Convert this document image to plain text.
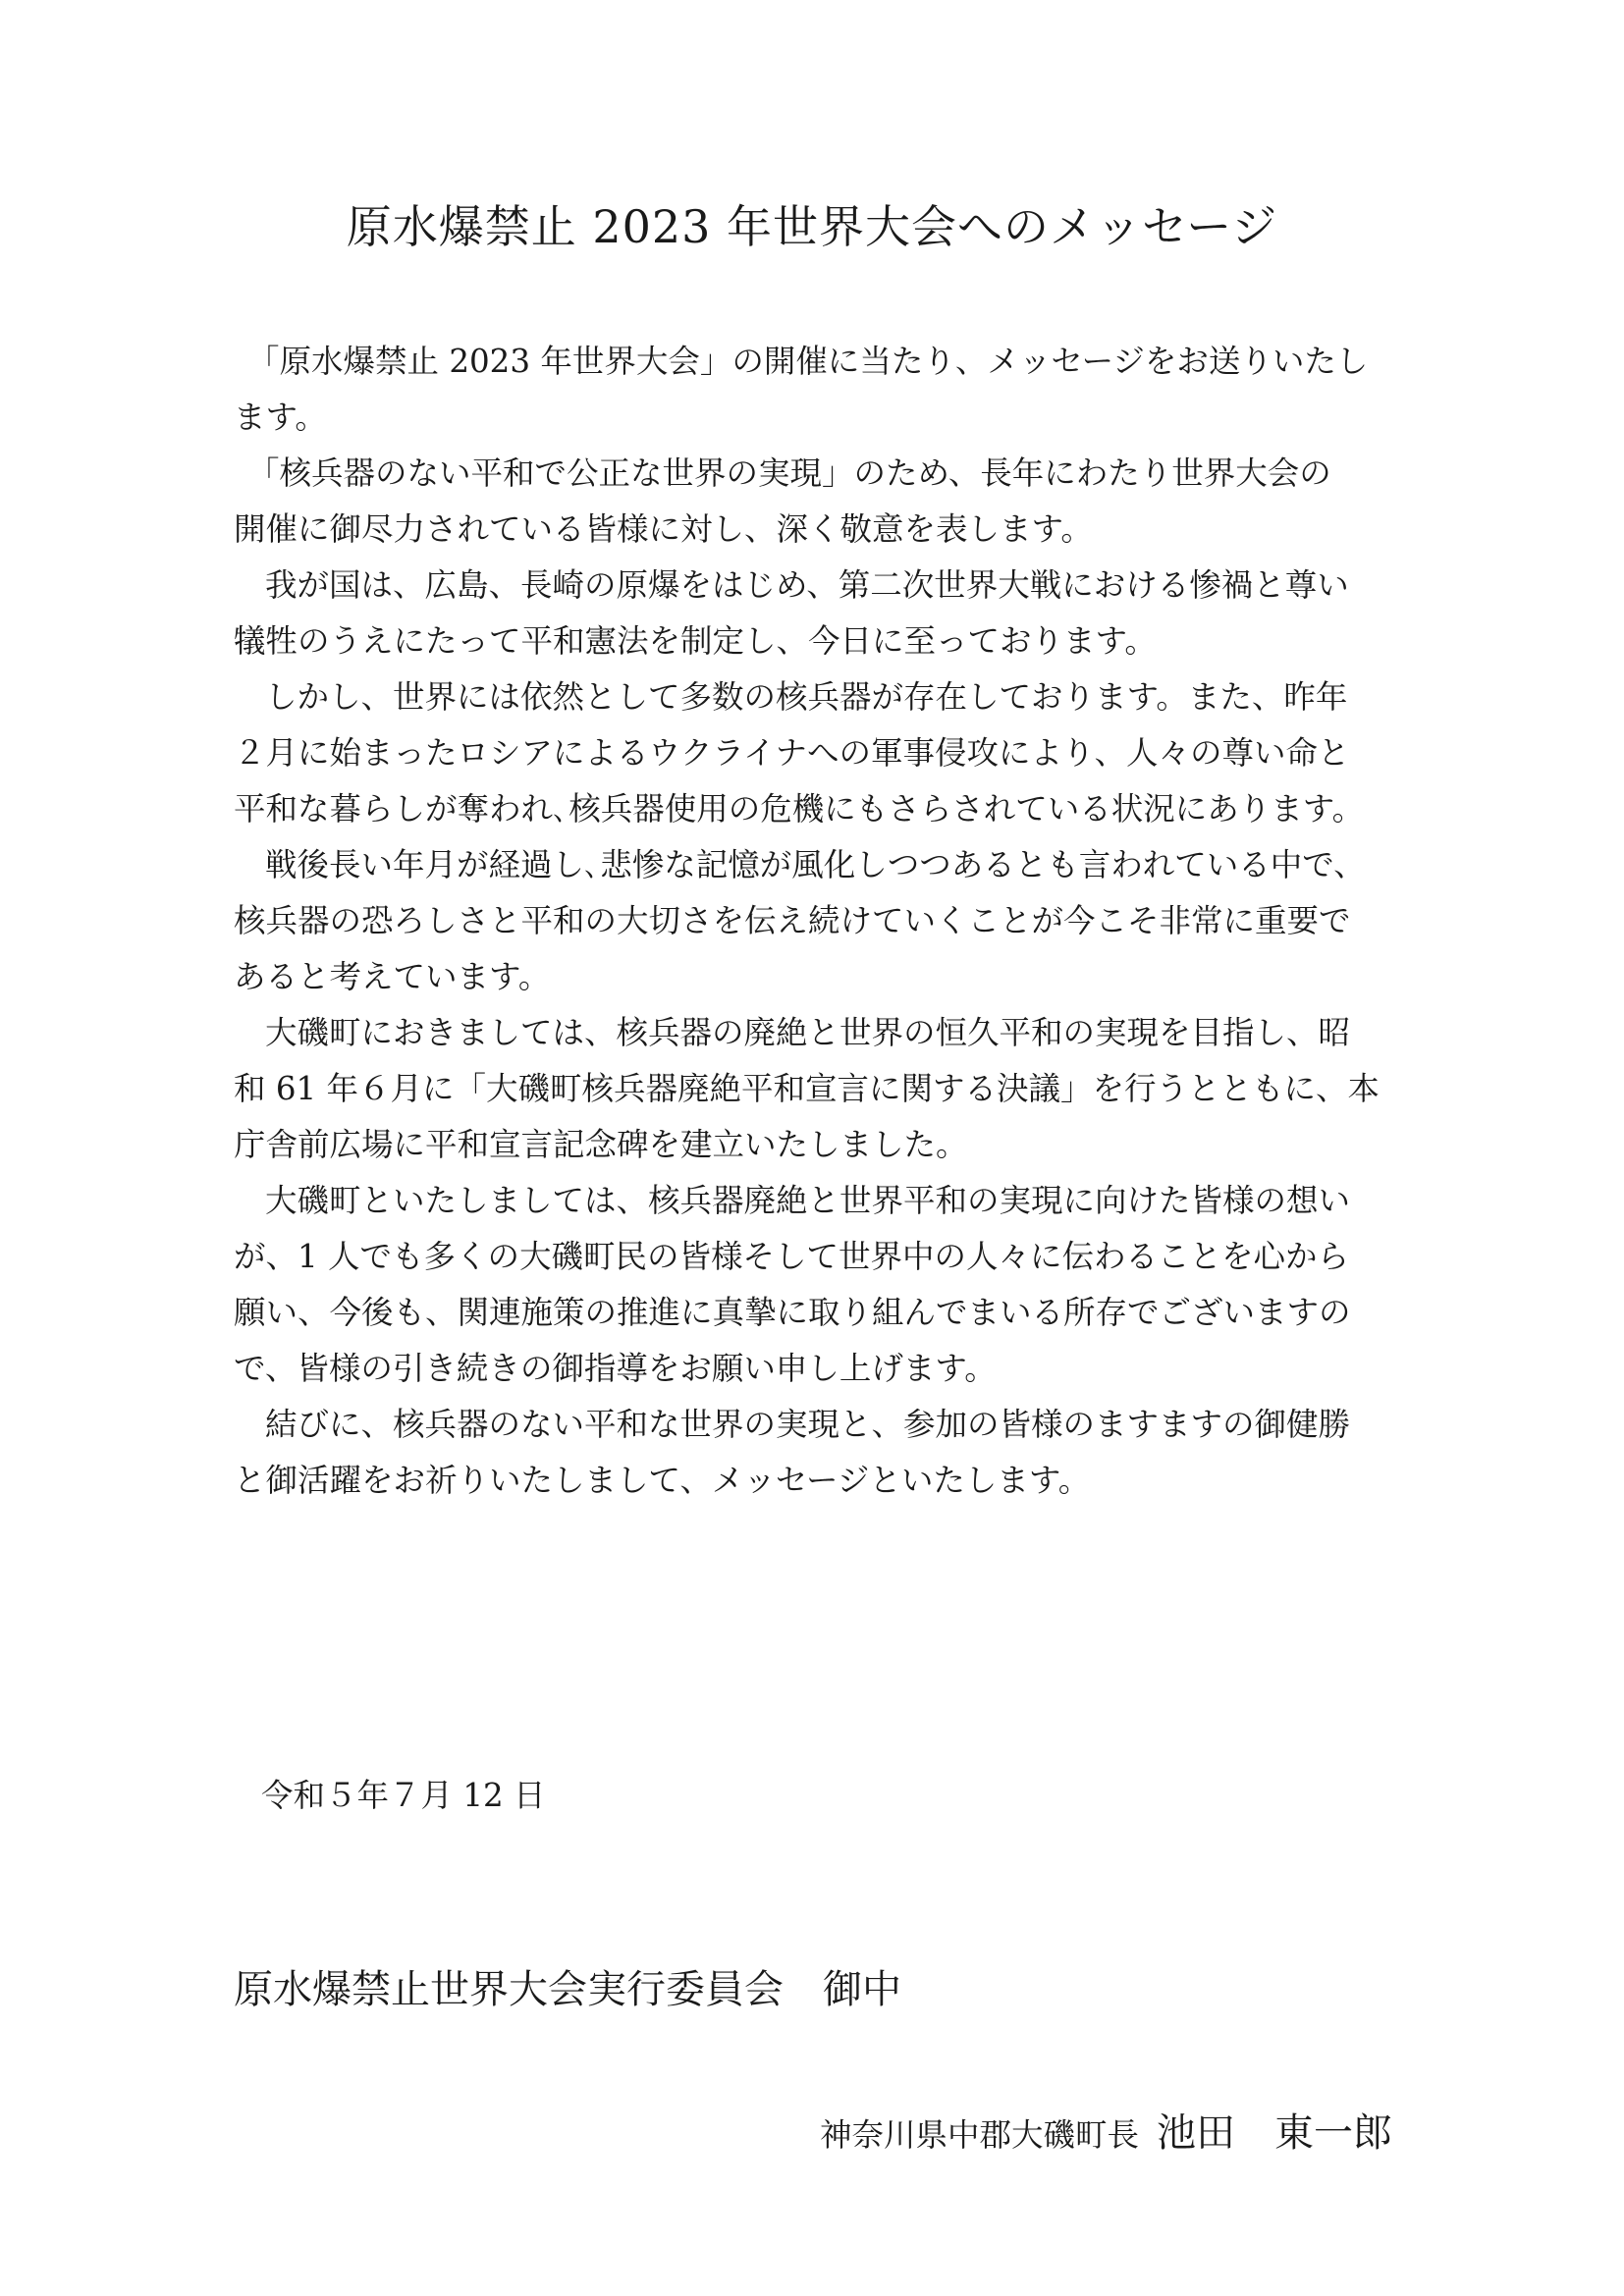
原水爆禁止 2023 年世界大会へのメッセージ

「原水爆禁止 2023 年世界大会」の開催に当たり、メッセージをお送りいたし
ます。

「核兵器のない平和で公正な世界の実現」のため、長年にわたり世界大会の
開催に御尽力されている皆様に対し、深く敬意を表します。

我が国は、広島、長崎の原爆をはじめ、第二次世界大戦における惨禍と尊い
犠牲のうえにたって平和憲法を制定し、今日に至っております。

しかし、世界には依然として多数の核兵器が存在しております。また、昨年
２月に始まったロシアによるウクライナへの軍事侵攻により、人々の尊い命と
平和な暮らしが奪われ､核兵器使用の危機にもさらされている状況にあります。

戦後長い年月が経過し､悲惨な記憶が風化しつつあるとも言われている中で、
核兵器の恐ろしさと平和の大切さを伝え続けていくことが今こそ非常に重要で
あると考えています。

大磯町におきましては、核兵器の廃絶と世界の恒久平和の実現を目指し、昭
和 61 年６月に「大磯町核兵器廃絶平和宣言に関する決議」を行うとともに、本
庁舎前広場に平和宣言記念碑を建立いたしました。

大磯町といたしましては、核兵器廃絶と世界平和の実現に向けた皆様の想い
が、1 人でも多くの大磯町民の皆様そして世界中の人々に伝わることを心から
願い、今後も、関連施策の推進に真摯に取り組んでまいる所存でございますの
で、皆様の引き続きの御指導をお願い申し上げます。

結びに、核兵器のない平和な世界の実現と、参加の皆様のますますの御健勝
と御活躍をお祈りいたしまして、メッセージといたします。

令和５年７月 12 日
原水爆禁止世界大会実行委員会　御中
神奈川県中郡大磯町長 池田　東一郎
